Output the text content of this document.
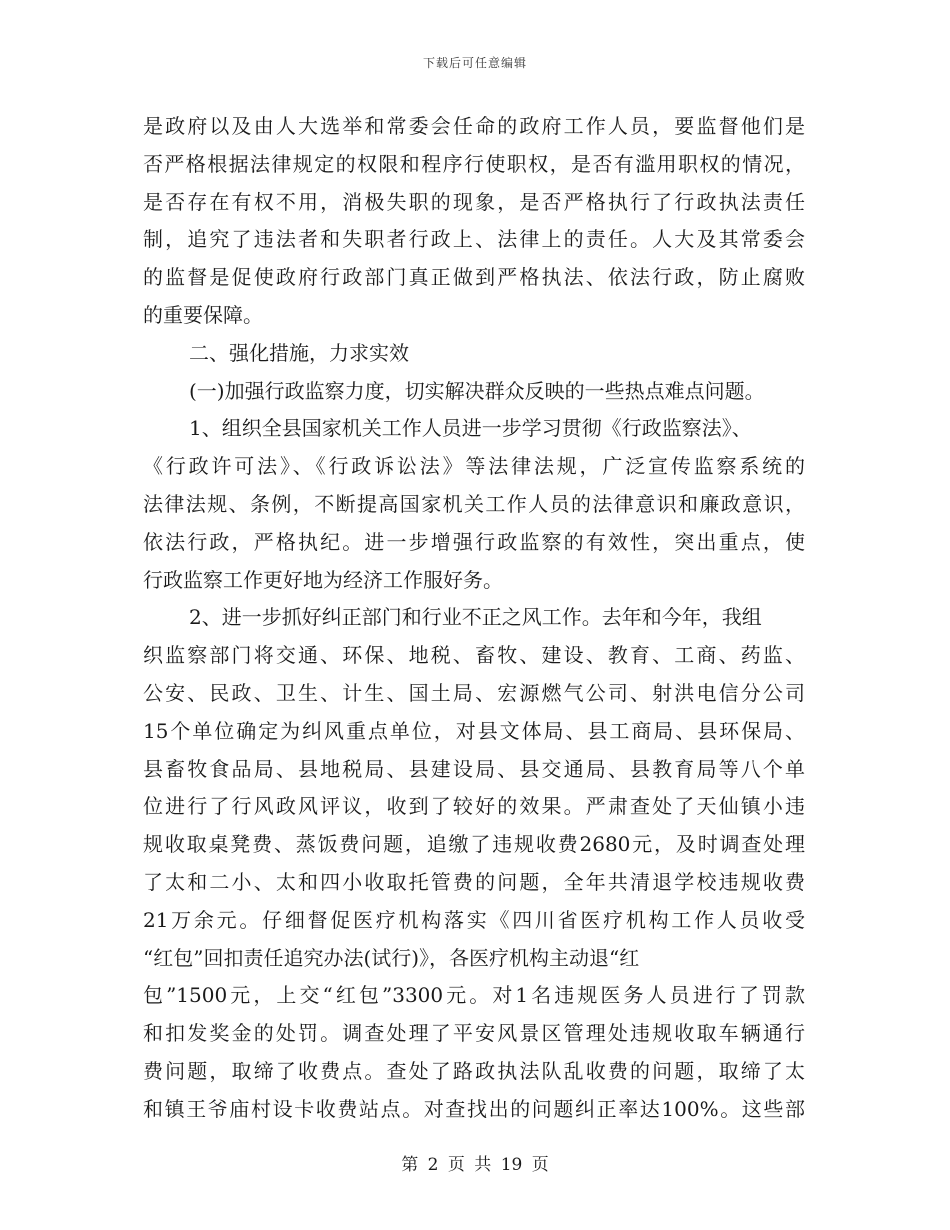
下载后可任意编辑
是政府以及由人大选举和常委会任命的政府工作人员，要监督他们是
否严格根据法律规定的权限和程序行使职权，是否有滥用职权的情况，
是否存在有权不用，消极失职的现象，是否严格执行了行政执法责任
制，追究了违法者和失职者行政上、法律上的责任。人大及其常委会
的监督是促使政府行政部门真正做到严格执法、依法行政，防止腐败
的重要保障。
二、强化措施，力求实效
(一)加强行政监察力度，切实解决群众反映的一些热点难点问题。
1、组织全县国家机关工作人员进一步学习贯彻《行政监察法》、
《行政许可法》、《行政诉讼法》等法律法规，广泛宣传监察系统的
法律法规、条例，不断提高国家机关工作人员的法律意识和廉政意识，
依法行政，严格执纪。进一步增强行政监察的有效性，突出重点，使
行政监察工作更好地为经济工作服好务。
2、进一步抓好纠正部门和行业不正之风工作。去年和今年，我组
织监察部门将交通、环保、地税、畜牧、建设、教育、工商、药监、
公安、民政、卫生、计生、国土局、宏源燃气公司、射洪电信分公司
15个单位确定为纠风重点单位，对县文体局、县工商局、县环保局、
县畜牧食品局、县地税局、县建设局、县交通局、县教育局等八个单
位进行了行风政风评议，收到了较好的效果。严肃查处了天仙镇小违
规收取桌凳费、蒸饭费问题，追缴了违规收费2680元，及时调查处理
了太和二小、太和四小收取托管费的问题，全年共清退学校违规收费
21万余元。仔细督促医疗机构落实《四川省医疗机构工作人员收受
“红包”回扣责任追究办法(试行)》，各医疗机构主动退“红
包”1500元，上交“红包”3300元。对1名违规医务人员进行了罚款
和扣发奖金的处罚。调查处理了平安风景区管理处违规收取车辆通行
费问题，取缔了收费点。查处了路政执法队乱收费的问题，取缔了太
和镇王爷庙村设卡收费站点。对查找出的问题纠正率达100%。这些部
第 2 页 共 19 页
